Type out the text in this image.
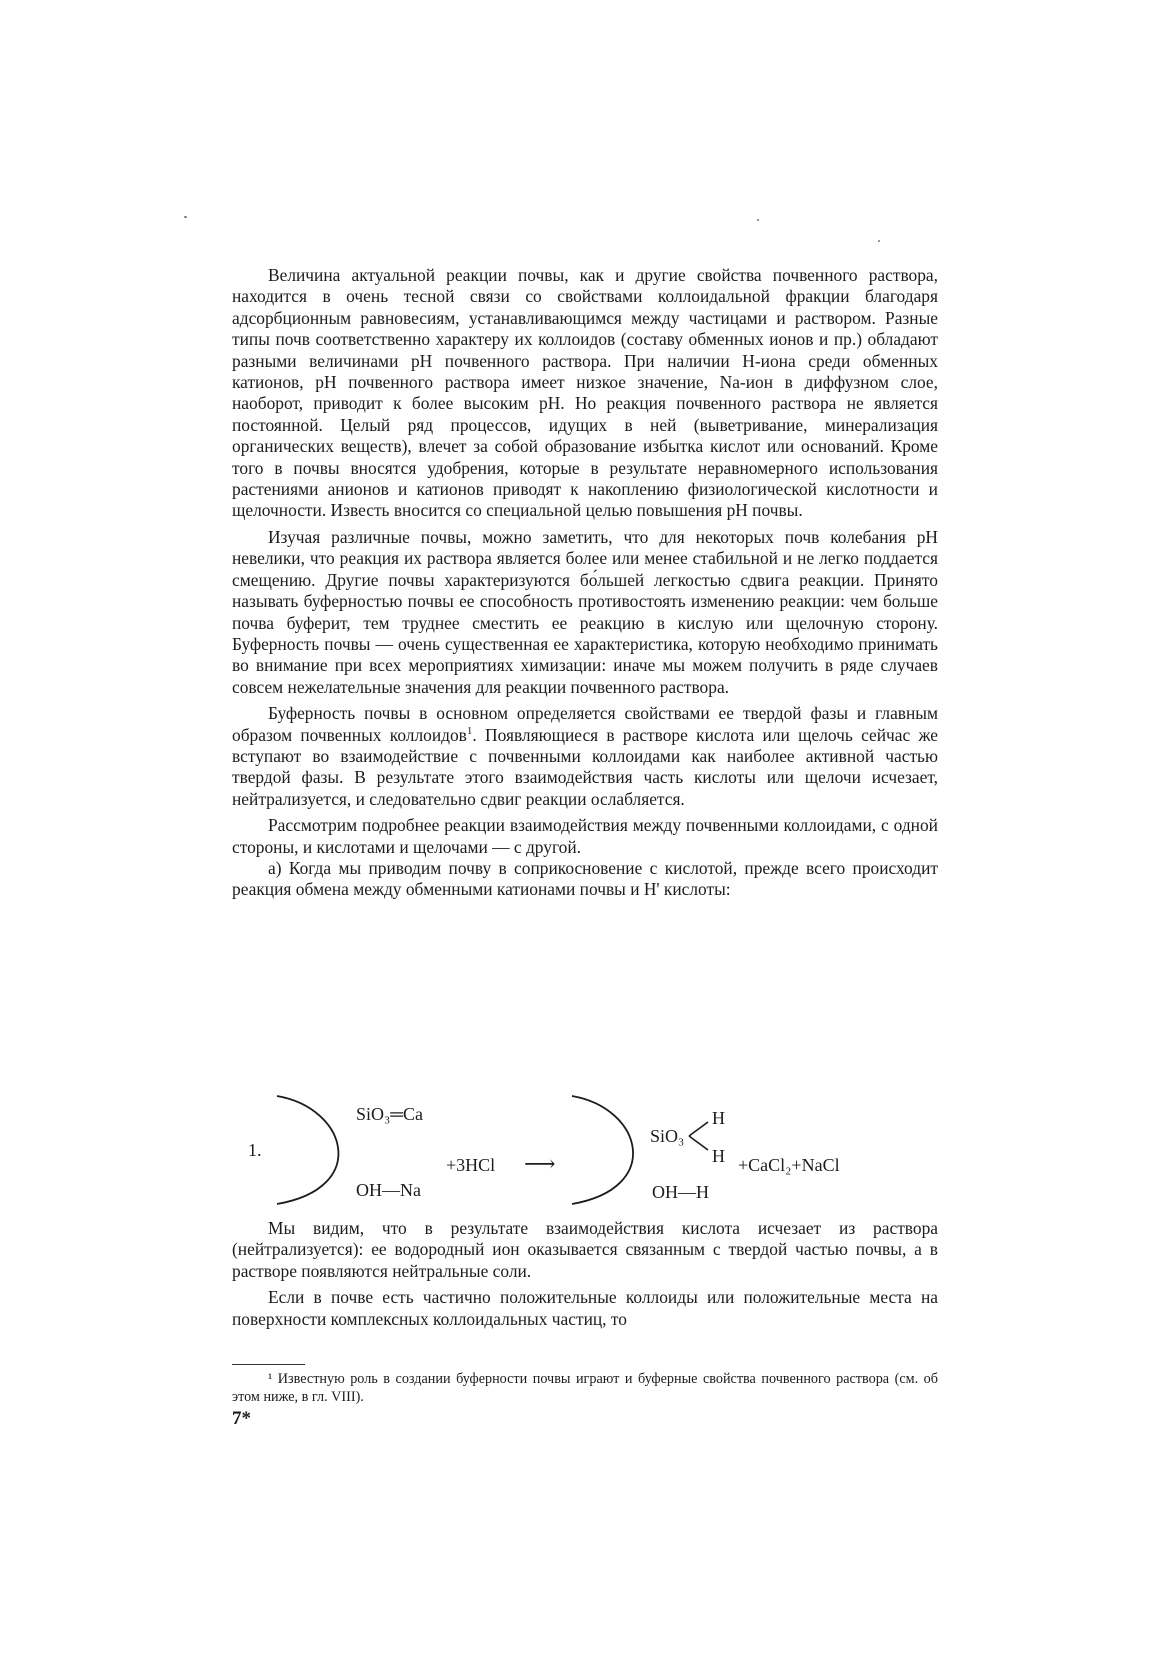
Величина актуальной реакции почвы, как и другие свойства почвенного раствора, находится в очень тесной связи со свойствами коллоидальной фракции благодаря адсорбционным равновесиям, устанавливающимся между частицами и раствором. Разные типы почв соответственно характеру их коллоидов (составу обменных ионов и пр.) обладают разными величинами pH почвенного раствора. При наличии H-иона среди обменных катионов, pH почвенного раствора имеет низкое значение, Na-ион в диффузном слое, наоборот, приводит к более высоким pH. Но реакция почвенного раствора не является постоянной. Целый ряд процессов, идущих в ней (выветривание, минерализация органических веществ), влечет за собой образование избытка кислот или оснований. Кроме того в почвы вносятся удобрения, которые в результате неравномерного использования растениями анионов и катионов приводят к накоплению физиологической кислотности и щелочности. Известь вносится со специальной целью повышения pH почвы.

Изучая различные почвы, можно заметить, что для некоторых почв колебания pH невелики, что реакция их раствора является более или менее стабильной и не легко поддается смещению. Другие почвы характеризуются бо́льшей легкостью сдвига реакции. Принято называть буферностью почвы ее способность противостоять изменению реакции: чем больше почва буферит, тем труднее сместить ее реакцию в кислую или щелочную сторону. Буферность почвы — очень существенная ее характеристика, которую необходимо принимать во внимание при всех мероприятиях химизации: иначе мы можем получить в ряде случаев совсем нежелательные значения для реакции почвенного раствора.

Буферность почвы в основном определяется свойствами ее твердой фазы и главным образом почвенных коллоидов$^1$. Появляющиеся в растворе кислота или щелочь сейчас же вступают во взаимодействие с почвенными коллоидами как наиболее активной частью твердой фазы. В результате этого взаимодействия часть кислоты или щелочи исчезает, нейтрализуется, и следовательно сдвиг реакции ослабляется.

Рассмотрим подробнее реакции взаимодействия между почвенными коллоидами, с одной стороны, и кислотами и щелочами — с другой.

а) Когда мы приводим почву в соприкосновение с кислотой, прежде всего происходит реакция обмена между обменными катионами почвы и H' кислоты:

1.
SiO₃═Ca
OH—Na
+3HCl ⟶
SiO₃
H
H
OH—H
+CaCl₂+NaCl

Мы видим, что в результате взаимодействия кислота исчезает из раствора (нейтрализуется): ее водородный ион оказывается связанным с твердой частью почвы, а в растворе появляются нейтральные соли.

Если в почве есть частично положительные коллоиды или положительные места на поверхности комплексных коллоидальных частиц, то

¹ Известную роль в создании буферности почвы играют и буферные свойства почвенного раствора (см. об этом ниже, в гл. VIII).
7*
